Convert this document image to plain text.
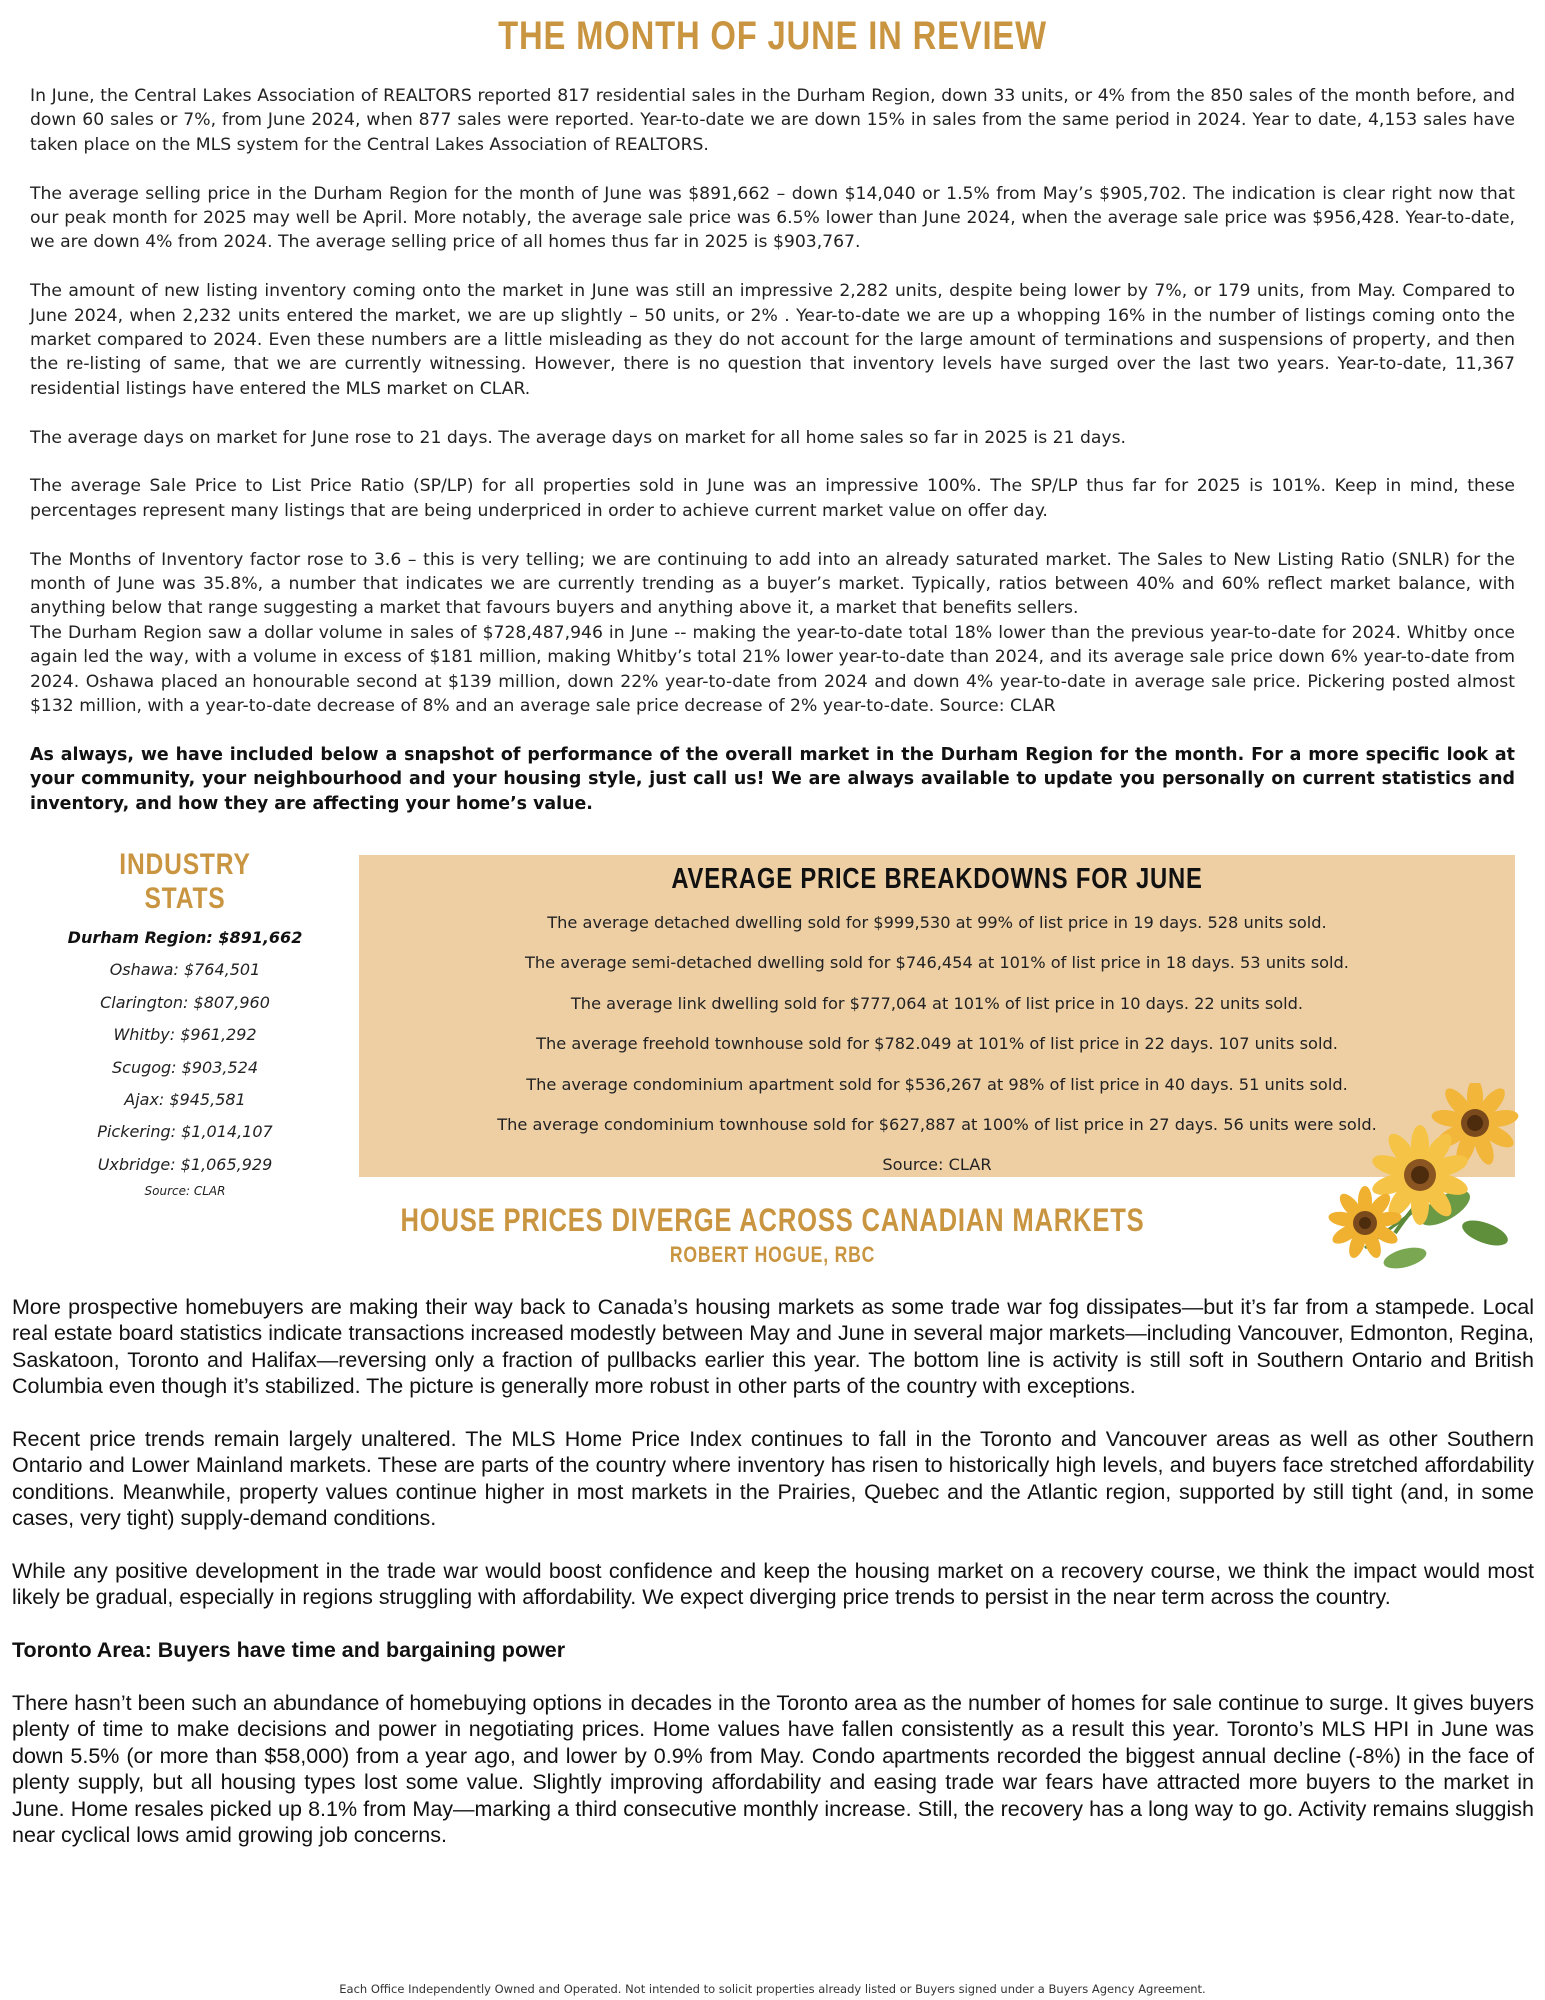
THE MONTH OF JUNE IN REVIEW

In June, the Central Lakes Association of REALTORS reported 817 residential sales in the Durham Region, down 33 units, or 4% from the 850 sales of the month before, and down 60 sales or 7%, from June 2024, when 877 sales were reported. Year-to-date we are down 15% in sales from the same period in 2024. Year to date, 4,153 sales have taken place on the MLS system for the Central Lakes Association of REALTORS.

The average selling price in the Durham Region for the month of June was $891,662 – down $14,040 or 1.5% from May’s $905,702. The indication is clear right now that our peak month for 2025 may well be April. More notably, the average sale price was 6.5% lower than June 2024, when the average sale price was $956,428. Year-to-date, we are down 4% from 2024. The average selling price of all homes thus far in 2025 is $903,767.

The amount of new listing inventory coming onto the market in June was still an impressive 2,282 units, despite being lower by 7%, or 179 units, from May. Compared to June 2024, when 2,232 units entered the market, we are up slightly – 50 units, or 2% . Year-to-date we are up a whopping 16% in the number of listings coming onto the market compared to 2024. Even these numbers are a little misleading as they do not account for the large amount of terminations and suspensions of property, and then the re-listing of same, that we are currently witnessing. However, there is no question that inventory levels have surged over the last two years. Year-to-date, 11,367 residential listings have entered the MLS market on CLAR.

The average days on market for June rose to 21 days. The average days on market for all home sales so far in 2025 is 21 days.

The average Sale Price to List Price Ratio (SP/LP) for all properties sold in June was an impressive 100%. The SP/LP thus far for 2025 is 101%. Keep in mind, these percentages represent many listings that are being underpriced in order to achieve current market value on offer day.

The Months of Inventory factor rose to 3.6 – this is very telling; we are continuing to add into an already saturated market. The Sales to New Listing Ratio (SNLR) for the month of June was 35.8%, a number that indicates we are currently trending as a buyer’s market. Typically, ratios between 40% and 60% reflect market balance, with anything below that range suggesting a market that favours buyers and anything above it, a market that benefits sellers.

The Durham Region saw a dollar volume in sales of $728,487,946 in June -- making the year-to-date total 18% lower than the previous year-to-date for 2024. Whitby once again led the way, with a volume in excess of $181 million, making Whitby’s total 21% lower year-to-date than 2024, and its average sale price down 6% year-to-date from 2024. Oshawa placed an honourable second at $139 million, down 22% year-to-date from 2024 and down 4% year-to-date in average sale price. Pickering posted almost $132 million, with a year-to-date decrease of 8% and an average sale price decrease of 2% year-to-date. Source: CLAR

As always, we have included below a snapshot of performance of the overall market in the Durham Region for the month. For a more specific look at your community, your neighbourhood and your housing style, just call us! We are always available to update you personally on current statistics and inventory, and how they are affecting your home’s value.

INDUSTRY STATS
Durham Region: $891,662
Oshawa: $764,501
Clarington: $807,960
Whitby: $961,292
Scugog: $903,524
Ajax: $945,581
Pickering: $1,014,107
Uxbridge: $1,065,929
Source: CLAR
AVERAGE PRICE BREAKDOWNS FOR JUNE
The average detached dwelling sold for $999,530 at 99% of list price in 19 days. 528 units sold.
The average semi-detached dwelling sold for $746,454 at 101% of list price in 18 days. 53 units sold.
The average link dwelling sold for $777,064 at 101% of list price in 10 days. 22 units sold.
The average freehold townhouse sold for $782.049 at 101% of list price in 22 days. 107 units sold.
The average condominium apartment sold for $536,267 at 98% of list price in 40 days. 51 units sold.
The average condominium townhouse sold for $627,887 at 100% of list price in 27 days. 56 units were sold.
Source: CLAR
HOUSE PRICES DIVERGE ACROSS CANADIAN MARKETS
ROBERT HOGUE, RBC

More prospective homebuyers are making their way back to Canada’s housing markets as some trade war fog dissipates—but it’s far from a stampede. Local real estate board statistics indicate transactions increased modestly between May and June in several major markets—including Vancouver, Edmonton, Regina, Saskatoon, Toronto and Halifax—reversing only a fraction of pullbacks earlier this year. The bottom line is activity is still soft in Southern Ontario and British Columbia even though it’s stabilized. The picture is generally more robust in other parts of the country with exceptions.

Recent price trends remain largely unaltered. The MLS Home Price Index continues to fall in the Toronto and Vancouver areas as well as other Southern Ontario and Lower Mainland markets. These are parts of the country where inventory has risen to historically high levels, and buyers face stretched affordability conditions. Meanwhile, property values continue higher in most markets in the Prairies, Quebec and the Atlantic region, supported by still tight (and, in some cases, very tight) supply-demand conditions.

While any positive development in the trade war would boost confidence and keep the housing market on a recovery course, we think the impact would most likely be gradual, especially in regions struggling with affordability. We expect diverging price trends to persist in the near term across the country.

Toronto Area: Buyers have time and bargaining power

There hasn’t been such an abundance of homebuying options in decades in the Toronto area as the number of homes for sale continue to surge. It gives buyers plenty of time to make decisions and power in negotiating prices. Home values have fallen consistently as a result this year. Toronto’s MLS HPI in June was down 5.5% (or more than $58,000) from a year ago, and lower by 0.9% from May. Condo apartments recorded the biggest annual decline (-8%) in the face of plenty supply, but all housing types lost some value. Slightly improving affordability and easing trade war fears have attracted more buyers to the market in June. Home resales picked up 8.1% from May—marking a third consecutive monthly increase. Still, the recovery has a long way to go. Activity remains sluggish near cyclical lows amid growing job concerns.

Each Office Independently Owned and Operated. Not intended to solicit properties already listed or Buyers signed under a Buyers Agency Agreement.
